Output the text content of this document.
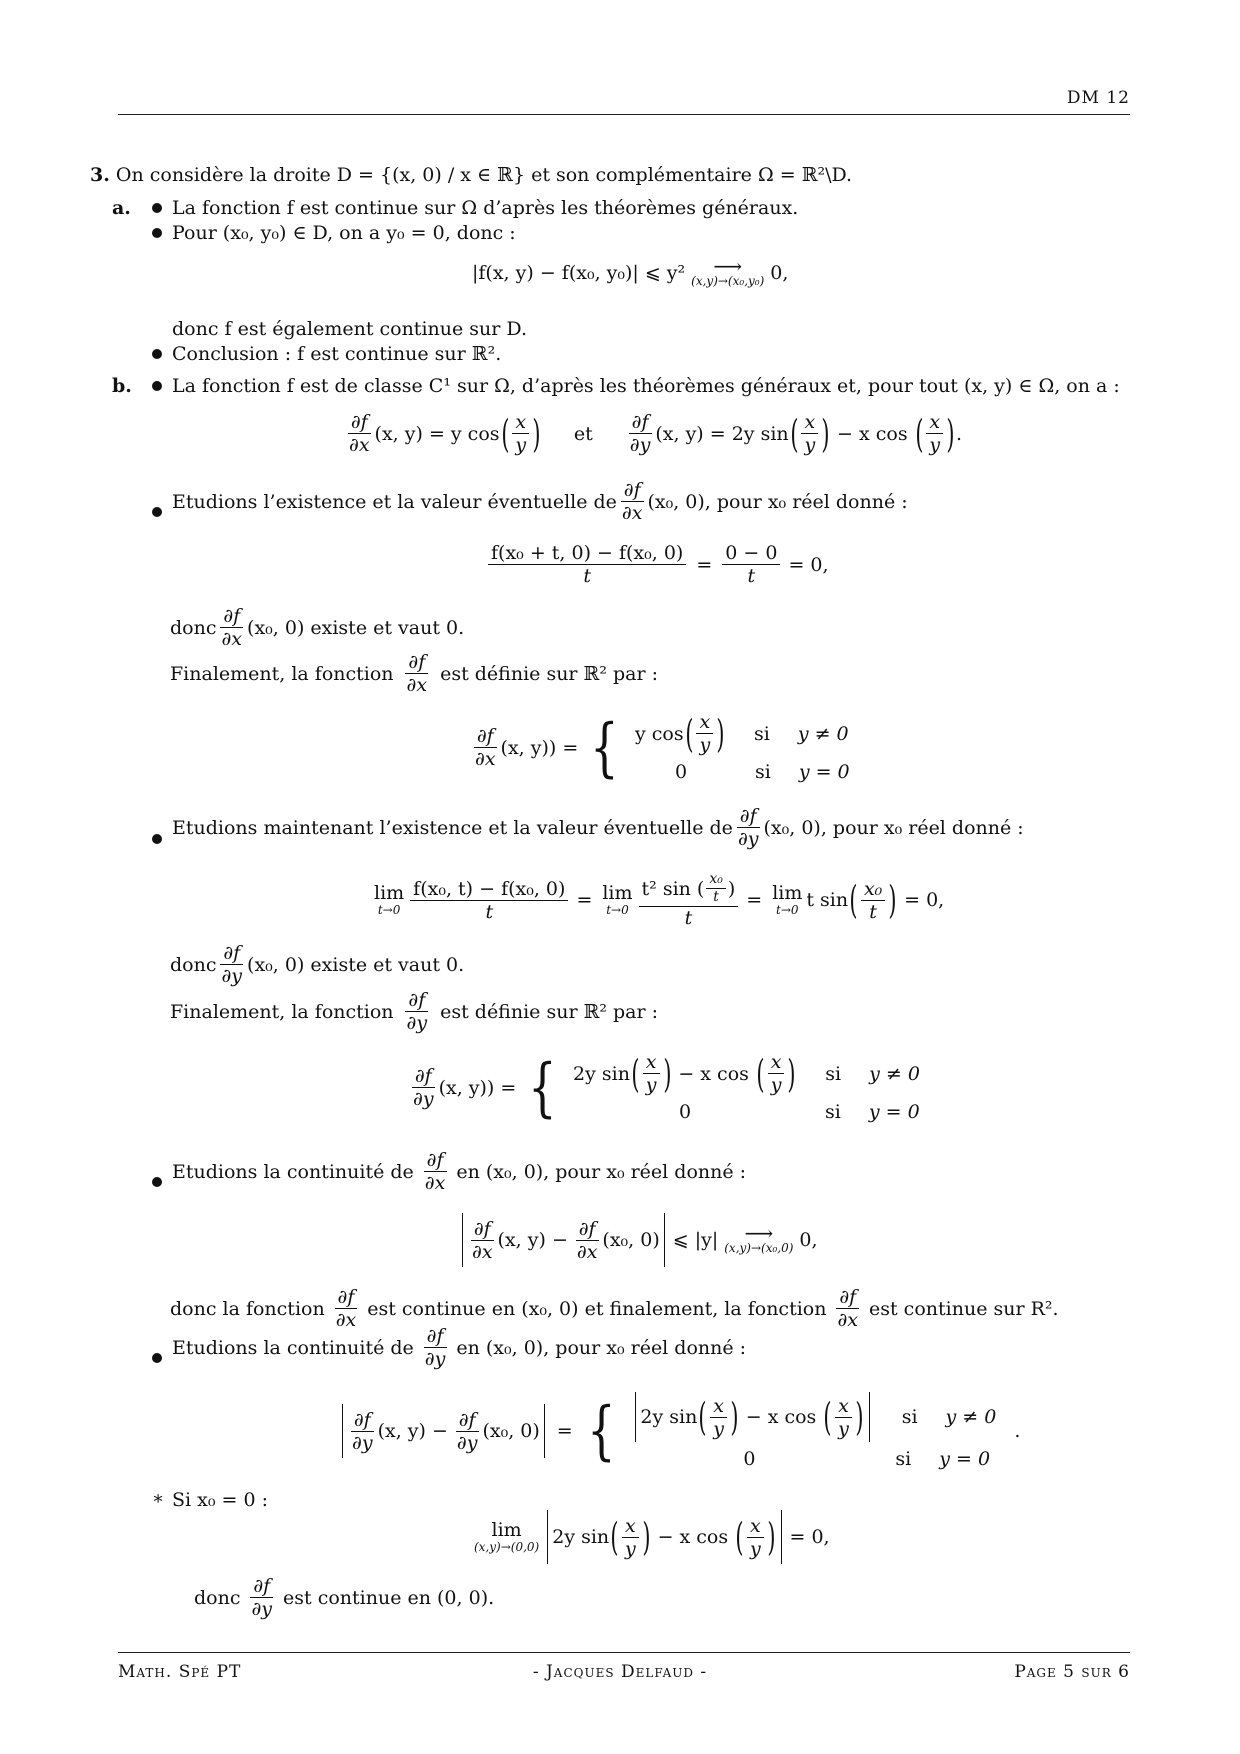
DM 12
3. On considère la droite D = {(x, 0) / x ∈ ℝ} et son complémentaire Ω = ℝ²\D.
a. La fonction f est continue sur Ω d’après les théorèmes généraux.
Pour (x₀, y₀) ∈ D, on a y₀ = 0, donc :
|f(x, y) − f(x₀, y₀)| ⩽ y² ⟶
(x,y)→(x₀,y₀) 0,
donc f est également continue sur D.
Conclusion : f est continue sur ℝ².
b. La fonction f est de classe C¹ sur Ω, d’après les théorèmes généraux et, pour tout (x, y) ∈ Ω, on a :
$\frac{\partial f}{\partial x} (x$, y) = y cos ( $\frac{x}{y}$ ) et $\frac{\partial f}{\partial y} (x$, y) = 2y sin ( $\frac{x}{y}$ ) − x cos ( $\frac{x}{y}$ ) .
Etudions l’existence et la valeur éventuelle de $\frac{\partial f}{\partial x} (x_0$, 0), pour x₀ réel donné :
$\frac{\text{f(x₀ + t, 0) − f(x₀, 0)}}{t} = \frac{0 - 0}{t} = 0$,
donc $\frac{\partial f}{\partial x} (x_0$, 0) existe et vaut 0.
Finalement, la fonction $\frac{\partial f}{\partial x}$ est définie sur ℝ² par :
$\frac{\partial f}{\partial x} (x$, y)) = { y cos ( $\frac{x}{y}$ ) si y ≠ 0
0	si y = 0
Etudions maintenant l’existence et la valeur éventuelle de $\frac{\partial f}{\partial y} (x_0$, 0), pour x₀ réel donné :
lim
$t\to 0 \frac{\text{f(x₀, t) − f(x₀, 0)}}{t} = \lim$
$t\to 0 \frac{t^2 \sin ( \frac{\text{x₀}}{t} )}{t} = \lim$
t→0 t sin ( $\frac{\text{x₀}}{t}$ ) = 0,
donc $\frac{\partial f}{\partial y} (x_0$, 0) existe et vaut 0.
Finalement, la fonction $\frac{\partial f}{\partial y}$ est définie sur ℝ² par :
$\frac{\partial f}{\partial y} (x$, y)) = { 2y sin ( $\frac{x}{y}$ ) − x cos ( $\frac{x}{y}$ ) si y ≠ 0
0	si y = 0
Etudions la continuité de $\frac{\partial f}{\partial x}$ en (x₀, 0), pour x₀ réel donné :
$\frac{\partial f}{\partial x} (x$, $y) - \frac{\partial f}{\partial x} (x_0$, 0) ⩽ |y| ⟶
(x,y)→(x₀,0) 0,
donc la fonction $\frac{\partial f}{\partial x}$ est continue en (x₀, 0) et finalement, la fonction $\frac{\partial f}{\partial x}$ est continue sur R².
Etudions la continuité de $\frac{\partial f}{\partial y}$ en (x₀, 0), pour x₀ réel donné :
$\frac{\partial f}{\partial y} (x$, $y) - \frac{\partial f}{\partial y} (x_0$, 0) = { 2y sin ( $\frac{x}{y}$ ) − x cos ( $\frac{x}{y}$ ) si y ≠ 0
0	si y = 0
.
∗ Si x₀ = 0 :
lim
(x,y)→(0,0) 2y sin ( $\frac{x}{y}$ ) − x cos ( $\frac{x}{y}$ ) = 0,
donc $\frac{\partial f}{\partial y}$ est continue en (0, 0).
Math. Spé PT	- Jacques Delfaud -	Page 5 sur 6
